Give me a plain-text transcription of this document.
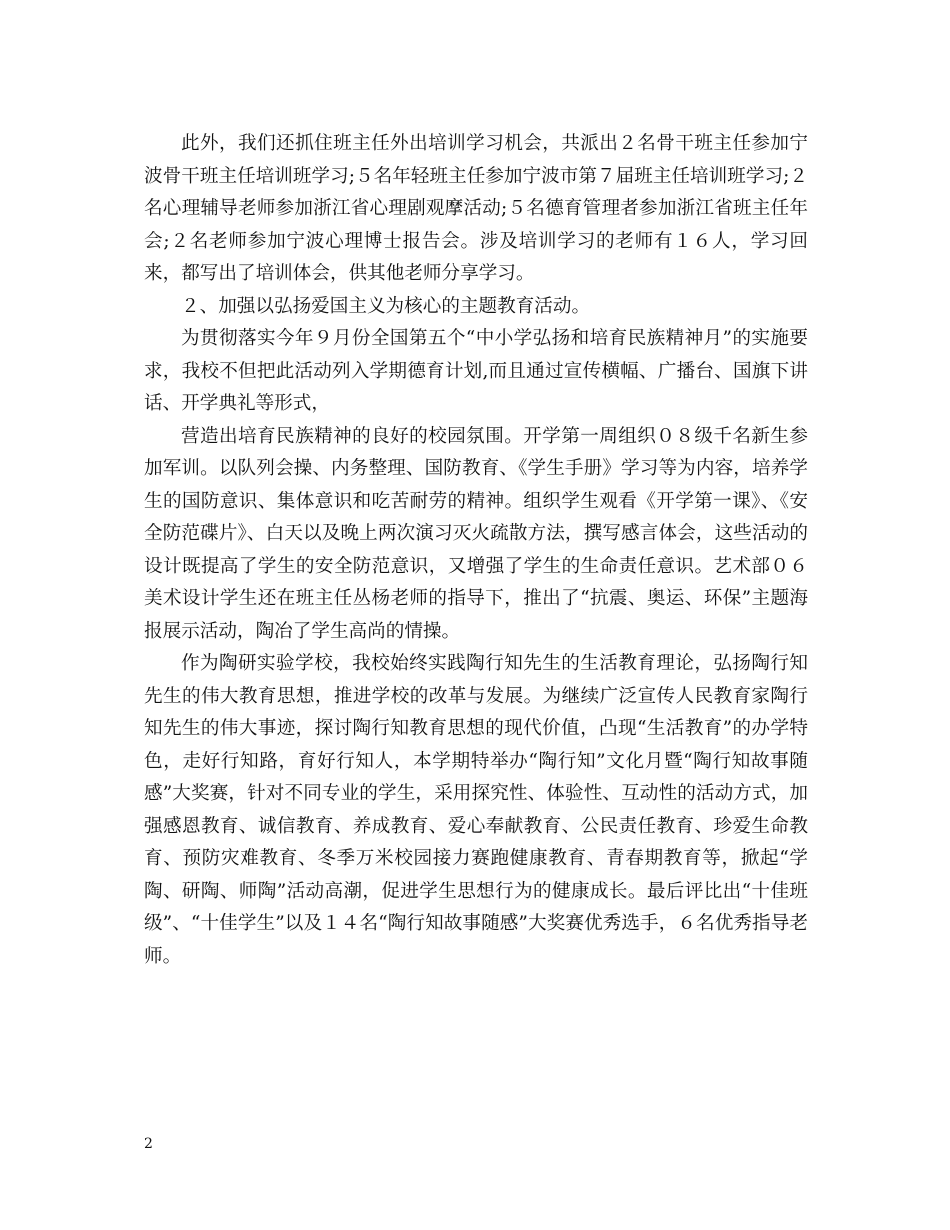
此外，我们还抓住班主任外出培训学习机会，共派出２名骨干班主任参加宁波骨干班主任培训班学习;５名年轻班主任参加宁波市第７届班主任培训班学习;２名心理辅导老师参加浙江省心理剧观摩活动;５名德育管理者参加浙江省班主任年会;２名老师参加宁波心理博士报告会。涉及培训学习的老师有１６人，学习回来，都写出了培训体会，供其他老师分享学习。

２、加强以弘扬爱国主义为核心的主题教育活动。

为贯彻落实今年９月份全国第五个“中小学弘扬和培育民族精神月”的实施要求，我校不但把此活动列入学期德育计划,而且通过宣传横幅、广播台、国旗下讲话、开学典礼等形式，

营造出培育民族精神的良好的校园氛围。开学第一周组织０８级千名新生参加军训。以队列会操、内务整理、国防教育、《学生手册》学习等为内容，培养学生的国防意识、集体意识和吃苦耐劳的精神。组织学生观看《开学第一课》、《安全防范碟片》、白天以及晚上两次演习灭火疏散方法，撰写感言体会，这些活动的设计既提高了学生的安全防范意识，又增强了学生的生命责任意识。艺术部０６美术设计学生还在班主任丛杨老师的指导下，推出了“抗震、奥运、环保”主题海报展示活动，陶冶了学生高尚的情操。

作为陶研实验学校，我校始终实践陶行知先生的生活教育理论，弘扬陶行知先生的伟大教育思想，推进学校的改革与发展。为继续广泛宣传人民教育家陶行知先生的伟大事迹，探讨陶行知教育思想的现代价值，凸现“生活教育”的办学特色，走好行知路，育好行知人，本学期特举办“陶行知”文化月暨“陶行知故事随感”大奖赛，针对不同专业的学生，采用探究性、体验性、互动性的活动方式，加强感恩教育、诚信教育、养成教育、爱心奉献教育、公民责任教育、珍爱生命教育、预防灾难教育、冬季万米校园接力赛跑健康教育、青春期教育等，掀起“学陶、研陶、师陶”活动高潮，促进学生思想行为的健康成长。最后评比出“十佳班级”、“十佳学生”以及１４名“陶行知故事随感”大奖赛优秀选手，６名优秀指导老师。

2
